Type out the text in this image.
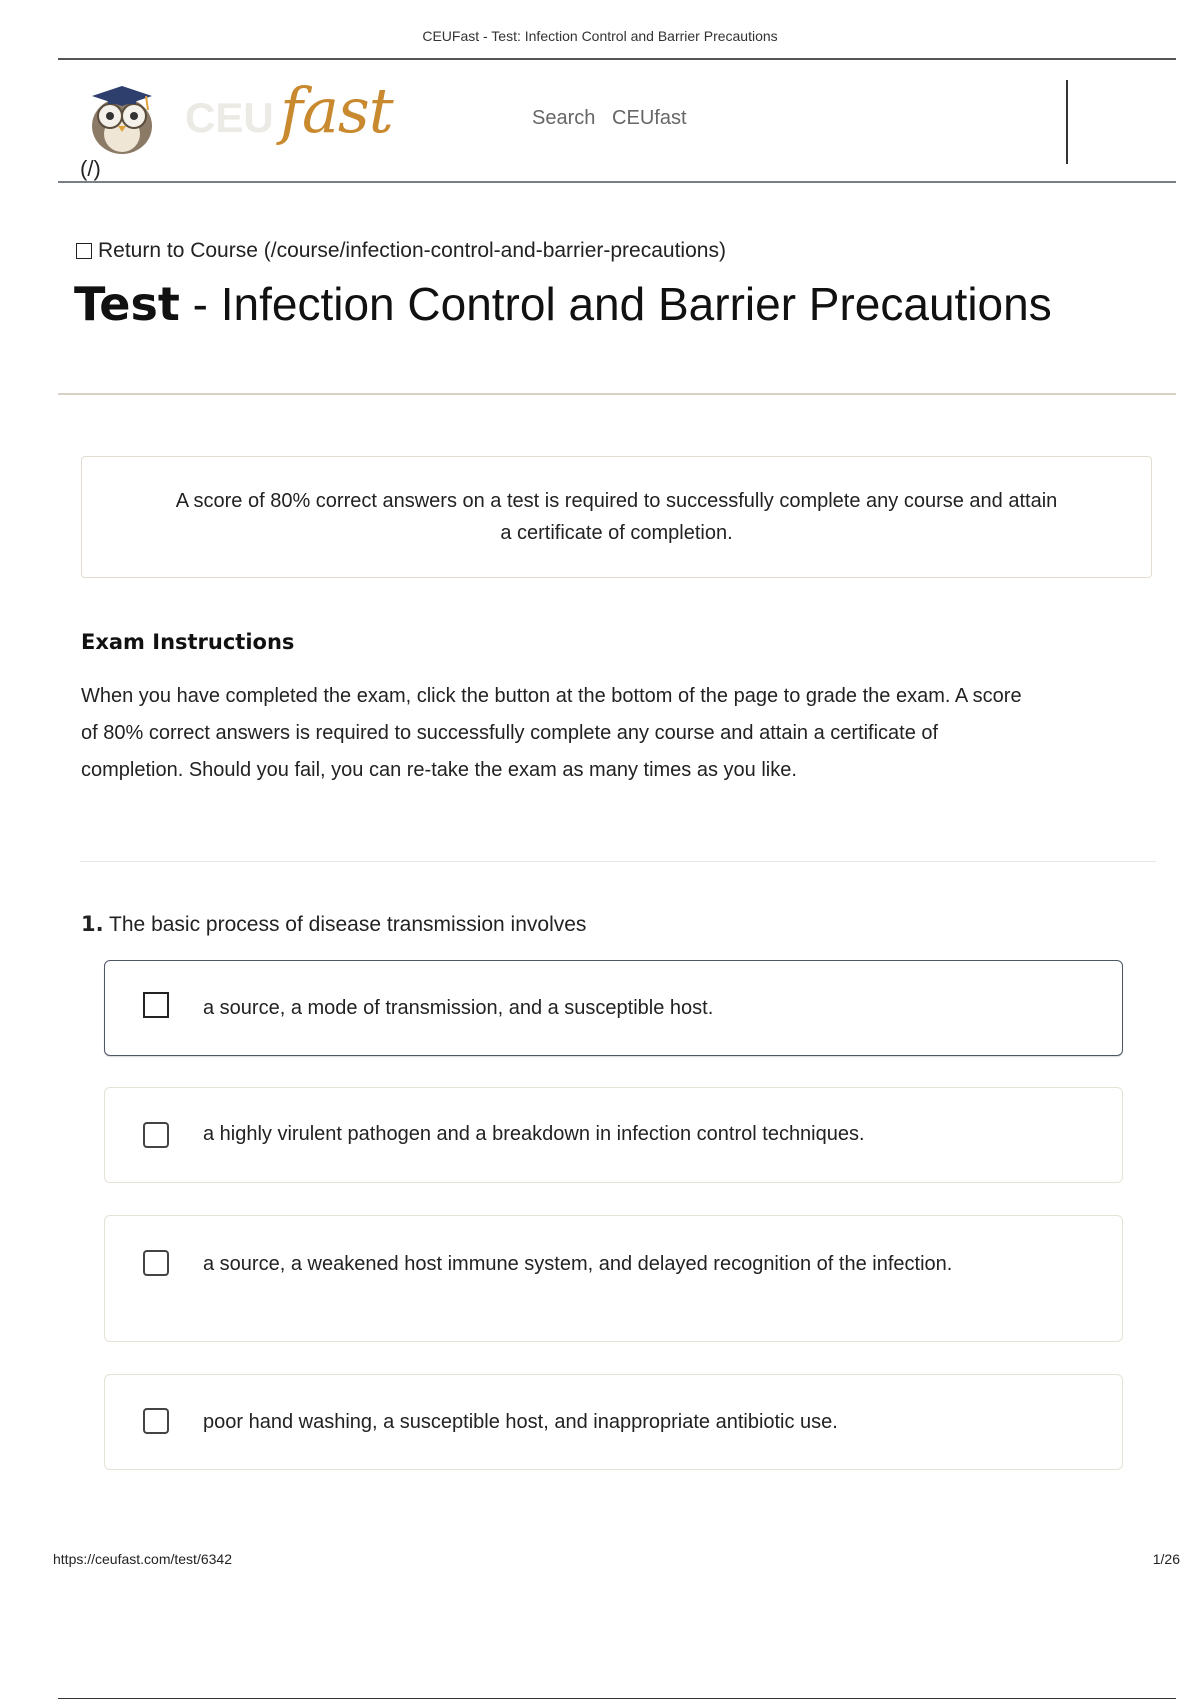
CEUFast - Test: Infection Control and Barrier Precautions
CEU fast
(/)
Search   CEUfast
Return to Course (/course/infection-control-and-barrier-precautions)
Test - Infection Control and Barrier Precautions
A score of 80% correct answers on a test is required to successfully complete any course and attain a certificate of completion.
Exam Instructions
When you have completed the exam, click the button at the bottom of the page to grade the exam. A score of 80% correct answers is required to successfully complete any course and attain a certificate of completion. Should you fail, you can re-take the exam as many times as you like.
1. The basic process of disease transmission involves
a source, a mode of transmission, and a susceptible host.
a highly virulent pathogen and a breakdown in infection control techniques.
a source, a weakened host immune system, and delayed recognition of the infection.
poor hand washing, a susceptible host, and inappropriate antibiotic use.
https://ceufast.com/test/6342	1/26
